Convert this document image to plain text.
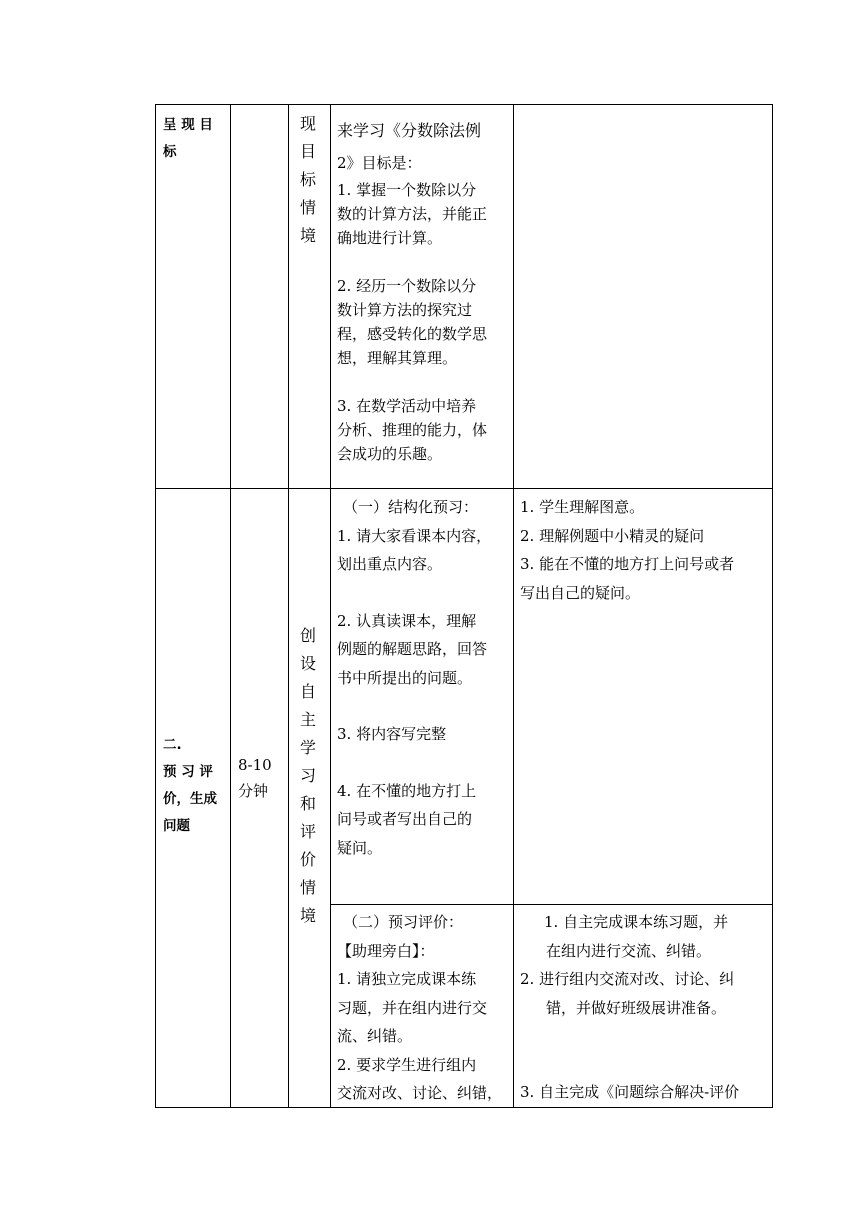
呈 现 目

标

现
目
标
情
境

来学习《分数除法例

2》目标是：

1. 掌握一个数除以分

数的计算方法，并能正

确地进行计算。

2. 经历一个数除以分

数计算方法的探究过

程，感受转化的数学思

想，理解其算理。

3. 在数学活动中培养

分析、推理的能力，体

会成功的乐趣。

二.

预 习 评

价，生成

问题

8-10

分钟

创
设
自
主
学
习
和
评
价
情
境

（一）结构化预习：

1. 请大家看课本内容，

划出重点内容。

2. 认真读课本，理解

例题的解题思路，回答

书中所提出的问题。

3. 将内容写完整

4. 在不懂的地方打上

问号或者写出自己的

疑问。

1. 学生理解图意。

2. 理解例题中小精灵的疑问

3. 能在不懂的地方打上问号或者

写出自己的疑问。

（二）预习评价：

【助理旁白】：

1. 请独立完成课本练

习题，并在组内进行交

流、纠错。

2. 要求学生进行组内

交流对改、讨论、纠错，

1. 自主完成课本练习题，并

在组内进行交流、纠错。

2. 进行组内交流对改、讨论、纠

错，并做好班级展讲准备。

3. 自主完成《问题综合解决-评价
